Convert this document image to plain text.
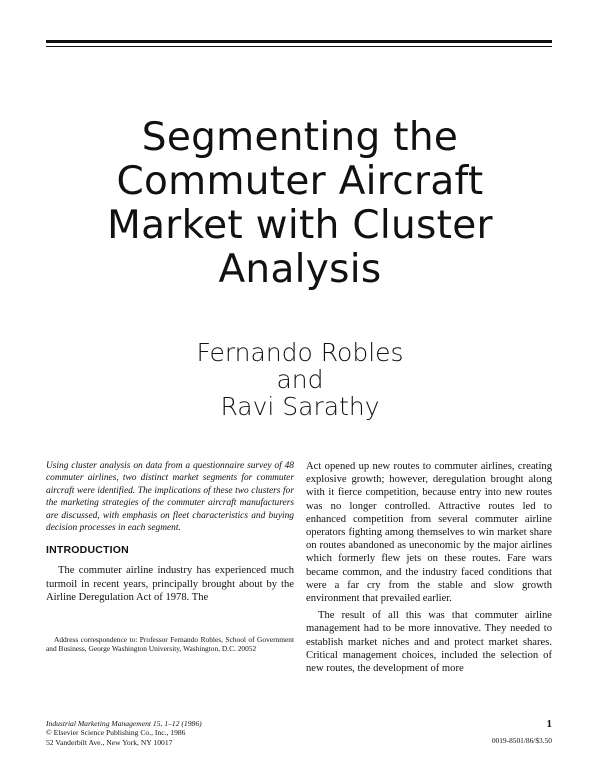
Segmenting the
Commuter Aircraft
Market with Cluster
Analysis
Fernando Robles
and
Ravi Sarathy

Using cluster analysis on data from a questionnaire survey of 48 commuter airlines, two distinct market segments for commuter aircraft were identified. The implications of these two clusters for the marketing strategies of the commuter aircraft manufacturers are discussed, with emphasis on fleet characteristics and buying decision processes in each segment.

INTRODUCTION

The commuter airline industry has experienced much turmoil in recent years, principally brought about by the Airline Deregulation Act of 1978. The

Act opened up new routes to commuter airlines, creating explosive growth; however, deregulation brought along with it fierce competition, because entry into new routes was no longer controlled. Attractive routes led to enhanced competition from several commuter airline operators fighting among themselves to win market share on routes abandoned as uneconomic by the major airlines which formerly flew jets on these routes. Fare wars became common, and the industry faced conditions that were a far cry from the stable and slow growth environment that prevailed earlier.

The result of all this was that commuter airline management had to be more innovative. They needed to establish market niches and and protect market shares. Critical management choices, included the selection of new routes, the development of more

Address correspondence to: Professor Fernando Robles, School of Government and Business, George Washington University, Washington, D.C. 20052

Industrial Marketing Management 15, 1–12 (1986)
© Elsevier Science Publishing Co., Inc., 1986
52 Vanderbilt Ave., New York, NY 10017
1
0019-8501/86/$3.50
